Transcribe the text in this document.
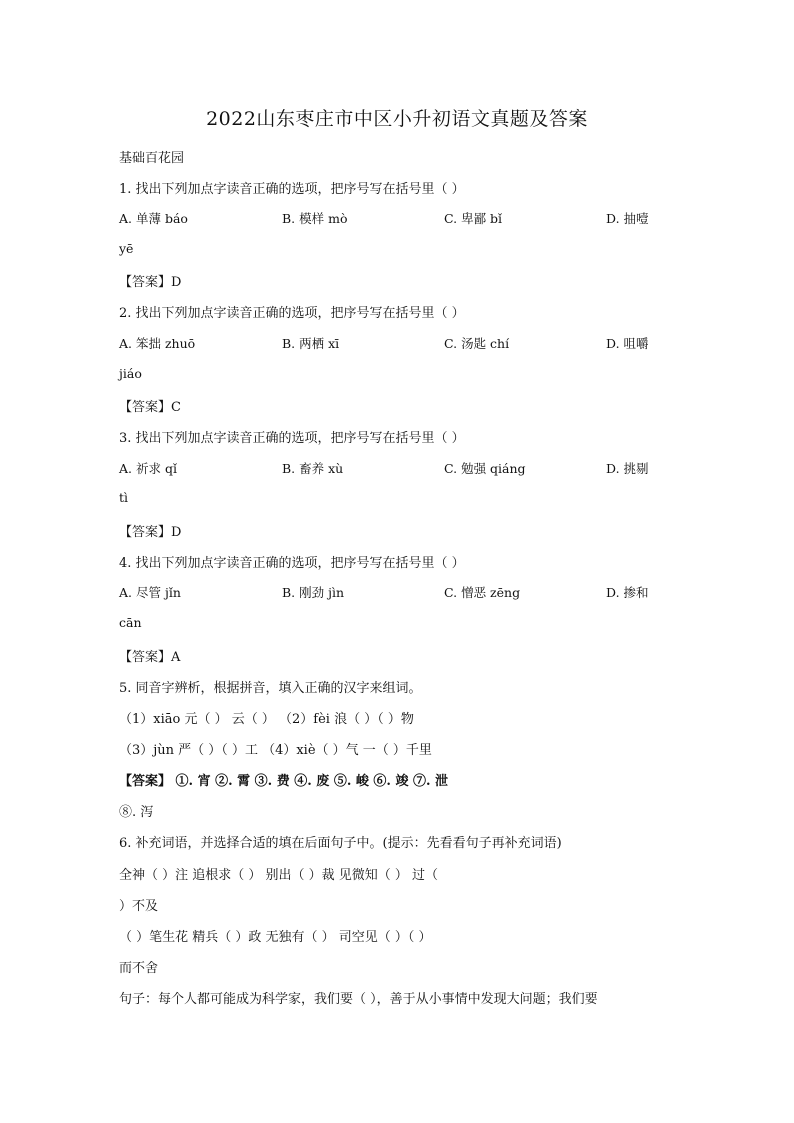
2022山东枣庄市中区小升初语文真题及答案
基础百花园
1. 找出下列加点字读音正确的选项，把序号写在括号里（ ）
A. 单薄 báo	B. 模样 mò	C. 卑鄙 bǐ	D. 抽噎
yē
【答案】D
2. 找出下列加点字读音正确的选项，把序号写在括号里（ ）
A. 笨拙 zhuō	B. 两栖 xī	C. 汤匙 chí	D. 咀嚼
jiáo
【答案】C
3. 找出下列加点字读音正确的选项，把序号写在括号里（ ）
A. 祈求 qǐ	B. 畜养 xù	C. 勉强 qiáng	D. 挑剔
tì
【答案】D
4. 找出下列加点字读音正确的选项，把序号写在括号里（ ）
A. 尽管 jǐn	B. 刚劲 jìn	C. 憎恶 zēng	D. 掺和
cān
【答案】A
5. 同音字辨析，根据拼音，填入正确的汉字来组词。
（1）xiāo 元（ ） 云（ ） （2）fèi 浪（ ）（ ）物
（3）jùn 严（ ）（ ）工 （4）xiè（ ）气 一（ ）千里
【答案】 ①. 宵 ②. 霄 ③. 费 ④. 废 ⑤. 峻 ⑥. 竣 ⑦. 泄
⑧. 泻
6. 补充词语，并选择合适的填在后面句子中。(提示：先看看句子再补充词语)
全神（ ）注 追根求（ ） 别出（ ）裁 见微知（ ） 过（
）不及
（ ）笔生花 精兵（ ）政 无独有（ ） 司空见（ ）（ ）
而不舍
句子：每个人都可能成为科学家，我们要（ ），善于从小事情中发现大问题；我们要
